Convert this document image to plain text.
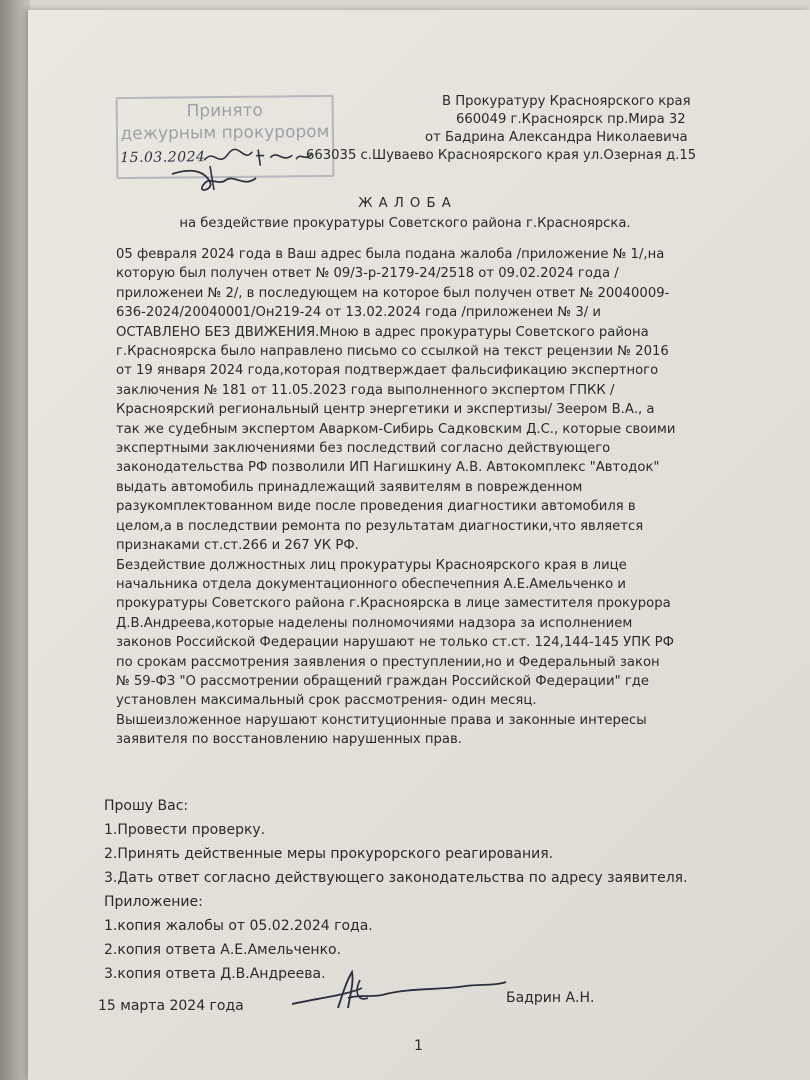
Принято
дежурным прокурором
15.03.2024
В Прокуратуру Красноярского края
660049 г.Красноярск пр.Мира 32
от Бадрина Александра Николаевича
663035 с.Шуваево Красноярского края ул.Озерная д.15
Ж А Л О Б А
на бездействие прокуратуры Советского района г.Красноярска.

05 февраля 2024 года в Ваш адрес была подана жалоба /приложение № 1/,на которую был получен ответ № 09/3-р-2179-24/2518 от 09.02.2024 года /приложенеи № 2/, в последующем на которое был получен ответ № 20040009-636-2024/20040001/Он219-24 от 13.02.2024 года /приложенеи № 3/ и ОСТАВЛЕНО БЕЗ ДВИЖЕНИЯ.Мною в адрес прокуратуры Советского района г.Красноярска было направлено письмо со ссылкой на текст рецензии № 2016 от 19 января 2024 года,которая подтверждает фальсификацию экспертного заключения № 181 от 11.05.2023 года выполненного экспертом ГПКК /Красноярский региональный центр энергетики и экспертизы/ Зеером В.А., а так же судебным экспертом Аварком-Сибирь Садковским Д.С., которые своими экспертными заключениями без последствий согласно действующего законодательства РФ позволили ИП Нагишкину А.В. Автокомплекс "Автодок" выдать автомобиль принадлежащий заявителям в поврежденном разукомплектованном виде после проведения диагностики автомобиля в целом,а в последствии ремонта по результатам диагностики,что является признаками ст.ст.266 и 267 УК РФ.

Бездействие должностных лиц прокуратуры Красноярского края в лице начальника отдела документационного обеспечепния А.Е.Амельченко и прокуратуры Советского района г.Красноярска в лице заместителя прокурора Д.В.Андреева,которые наделены полномочиями надзора за исполнением законов Российской Федерации нарушают не только ст.ст. 124,144-145 УПК РФ по срокам рассмотрения заявления о преступлении,но и Федеральный закон № 59-ФЗ "О рассмотрении обращений граждан Российской Федерации" где установлен максимальный срок рассмотрения- один месяц.

Вышеизложенное нарушают конституционные права и законные интересы заявителя по восстановлению нарушенных прав.

Прошу Вас:
1.Провести проверку.
2.Принять действенные меры прокурорского реагирования.
3.Дать ответ согласно действующего законодательства по адресу заявителя.
Приложение:
1.копия жалобы от 05.02.2024 года.
2.копия ответа А.Е.Амельченко.
3.копия ответа Д.В.Андреева.
15 марта 2024 года	Бадрин А.Н.
1
